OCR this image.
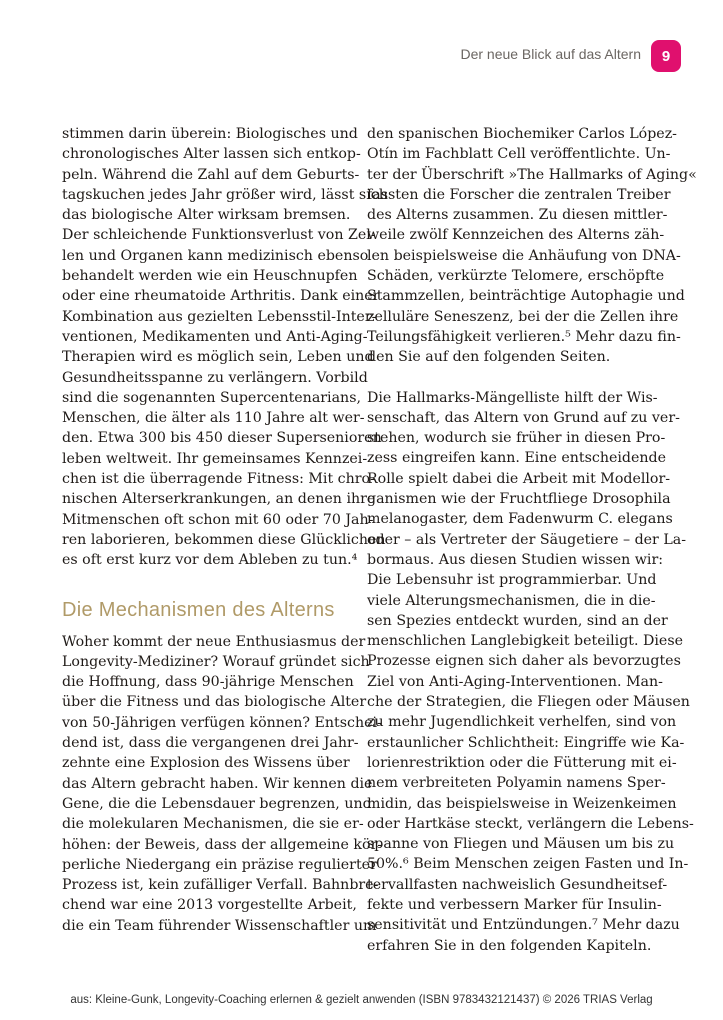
Der neue Blick auf das Altern	9
stimmen darin überein: Biologisches und
chronologisches Alter lassen sich entkop-
peln. Während die Zahl auf dem Geburts-
tagskuchen jedes Jahr größer wird, lässt sich
das biologische Alter wirksam bremsen.
Der schleichende Funktionsverlust von Zel-
len und Organen kann medizinisch ebenso
behandelt werden wie ein Heuschnupfen
oder eine rheumatoide Arthritis. Dank einer
Kombination aus gezielten Lebensstil-Inter-
ventionen, Medikamenten und Anti-Aging-
Therapien wird es möglich sein, Leben und
Gesundheitsspanne zu verlängern. Vorbild
sind die sogenannten Supercentenarians,
Menschen, die älter als 110 Jahre alt wer-
den. Etwa 300 bis 450 dieser Supersenioren
leben weltweit. Ihr gemeinsames Kennzei-
chen ist die überragende Fitness: Mit chro-
nischen Alterserkrankungen, an denen ihre
Mitmenschen oft schon mit 60 oder 70 Jah-
ren laborieren, bekommen diese Glücklichen
es oft erst kurz vor dem Ableben zu tun.⁴
Die Mechanismen des Alterns
Woher kommt der neue Enthusiasmus der
Longevity-Mediziner? Worauf gründet sich
die Hoffnung, dass 90-jährige Menschen
über die Fitness und das biologische Alter
von 50-Jährigen verfügen können? Entschei-
dend ist, dass die vergangenen drei Jahr-
zehnte eine Explosion des Wissens über
das Altern gebracht haben. Wir kennen die
Gene, die die Lebensdauer begrenzen, und
die molekularen Mechanismen, die sie er-
höhen: der Beweis, dass der allgemeine kör-
perliche Niedergang ein präzise regulierter
Prozess ist, kein zufälliger Verfall. Bahnbre-
chend war eine 2013 vorgestellte Arbeit,
die ein Team führender Wissenschaftler um
den spanischen Biochemiker Carlos López-
Otín im Fachblatt Cell veröffentlichte. Un-
ter der Überschrift »The Hallmarks of Aging«
fassten die Forscher die zentralen Treiber
des Alterns zusammen. Zu diesen mittler-
weile zwölf Kennzeichen des Alterns zäh-
len beispielsweise die Anhäufung von DNA-
Schäden, verkürzte Telomere, erschöpfte
Stammzellen, beinträchtige Autophagie und
zelluläre Seneszenz, bei der die Zellen ihre
Teilungsfähigkeit verlieren.⁵ Mehr dazu fin-
den Sie auf den folgenden Seiten.
Die Hallmarks-Mängelliste hilft der Wis-
senschaft, das Altern von Grund auf zu ver-
stehen, wodurch sie früher in diesen Pro-
zess eingreifen kann. Eine entscheidende
Rolle spielt dabei die Arbeit mit Modellor-
ganismen wie der Fruchtfliege Drosophila
melanogaster, dem Fadenwurm C. elegans
oder – als Vertreter der Säugetiere – der La-
bormaus. Aus diesen Studien wissen wir:
Die Lebensuhr ist programmierbar. Und
viele Alterungsmechanismen, die in die-
sen Spezies entdeckt wurden, sind an der
menschlichen Langlebigkeit beteiligt. Diese
Prozesse eignen sich daher als bevorzugtes
Ziel von Anti-Aging-Interventionen. Man-
che der Strategien, die Fliegen oder Mäusen
zu mehr Jugendlichkeit verhelfen, sind von
erstaunlicher Schlichtheit: Eingriffe wie Ka-
lorienrestriktion oder die Fütterung mit ei-
nem verbreiteten Polyamin namens Sper-
midin, das beispielsweise in Weizenkeimen
oder Hartkäse steckt, verlängern die Lebens-
spanne von Fliegen und Mäusen um bis zu
50%.⁶ Beim Menschen zeigen Fasten und In-
tervallfasten nachweislich Gesundheitsef-
fekte und verbessern Marker für Insulin-
sensitivität und Entzündungen.⁷ Mehr dazu
erfahren Sie in den folgenden Kapiteln.
aus: Kleine-Gunk, Longevity-Coaching erlernen & gezielt anwenden (ISBN 9783432121437) © 2026 TRIAS Verlag
